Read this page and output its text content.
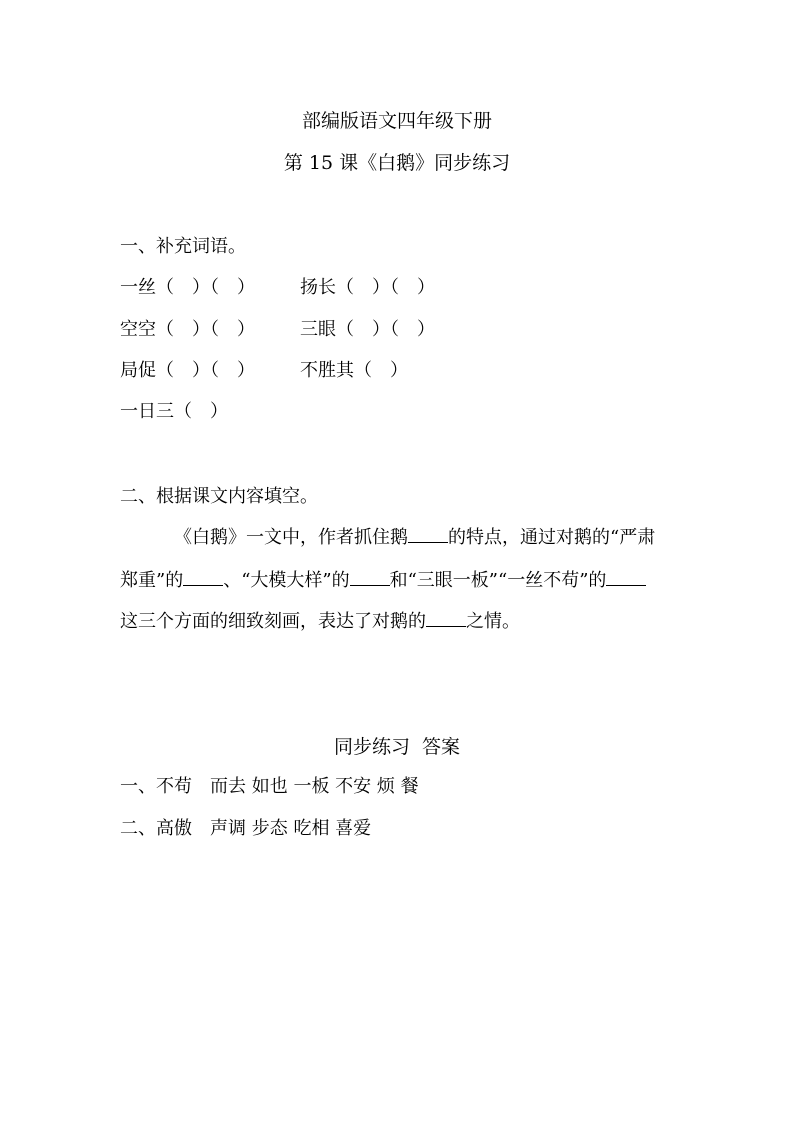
部编版语文四年级下册
第 15 课《白鹅》同步练习
一、补充词语。
一丝（　）（　）	扬长（　）（　）
空空（　）（　）	三眼（　）（　）
局促（　）（　）	不胜其（　）
一日三（　）
二、根据课文内容填空。
《白鹅》一文中，作者抓住鹅 的特点，通过对鹅的“严肃
郑重”的 、“大模大样”的 和“三眼一板”“一丝不苟”的
这三个方面的细致刻画，表达了对鹅的 之情。
同步练习  答案
一、不苟　而去 如也 一板 不安 烦 餐
二、高傲　声调 步态 吃相 喜爱
